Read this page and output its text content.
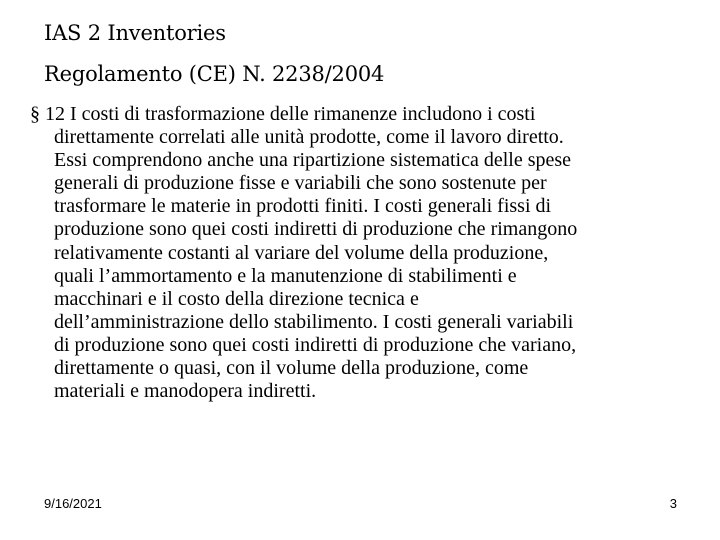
IAS 2 Inventories
Regolamento (CE) N. 2238/2004
§ 12 I costi di trasformazione delle rimanenze includono i costi
direttamente correlati alle unità prodotte, come il lavoro diretto.
Essi comprendono anche una ripartizione sistematica delle spese
generali di produzione fisse e variabili che sono sostenute per
trasformare le materie in prodotti finiti. I costi generali fissi di
produzione sono quei costi indiretti di produzione che rimangono
relativamente costanti al variare del volume della produzione,
quali l’ammortamento e la manutenzione di stabilimenti e
macchinari e il costo della direzione tecnica e
dell’amministrazione dello stabilimento. I costi generali variabili
di produzione sono quei costi indiretti di produzione che variano,
direttamente o quasi, con il volume della produzione, come
materiali e manodopera indiretti.
9/16/2021	3
